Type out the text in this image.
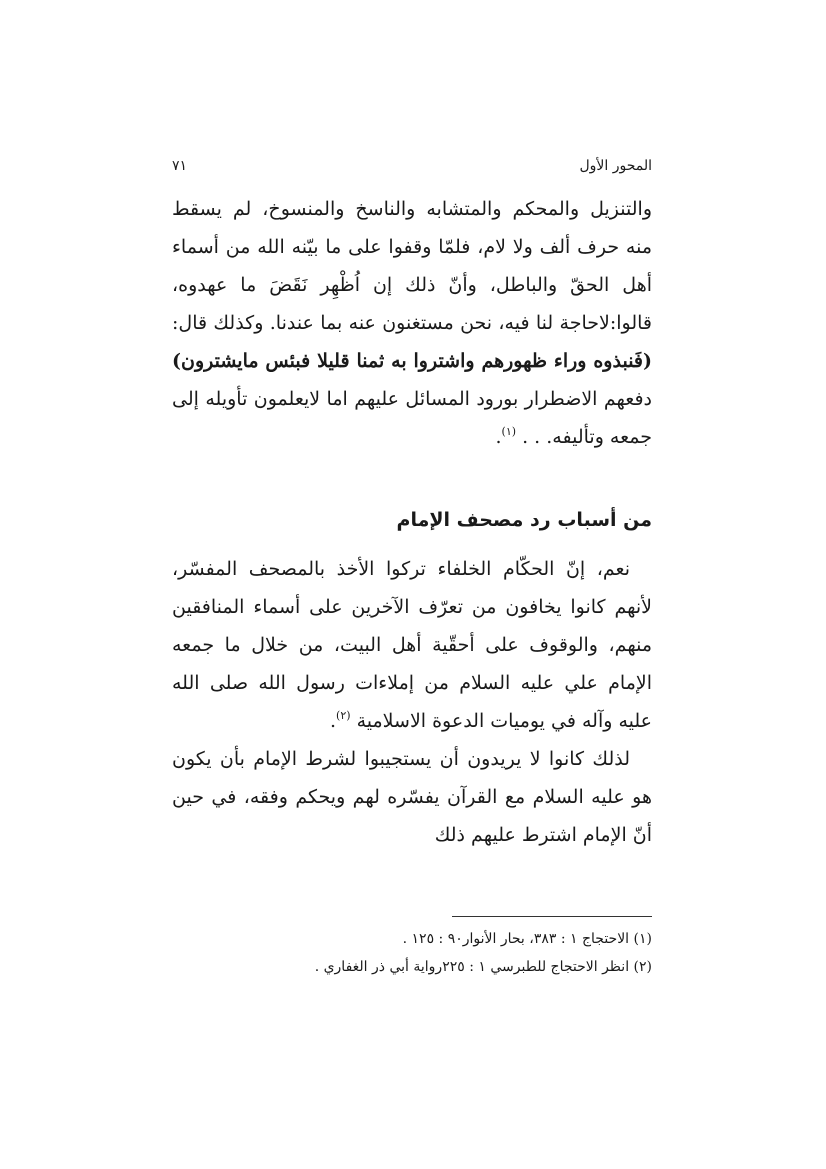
المحور الأول
٧١

والتنزيل والمحكم والمتشابه والناسخ والمنسوخ، لم يسقط منه حرف ألف ولا لام، فلمّا وقفوا على ما بيّنه الله من أسماء أهل الحقّ والباطل، وأنّ ذلك إن اُظْهِر نَقَضَ ما عهدوه، قالوا:لاحاجة لنا فيه، نحن مستغنون عنه بما عندنا. وكذلك قال: (فَنبذوه وراء ظهورهم واشتروا به ثمنا قليلا فبئس مايشترون) دفعهم الاضطرار بورود المسائل عليهم اما لايعلمون تأويله إلى جمعه وتأليفه. . . $^{(١)}$.

من أسباب رد مصحف الإمام

نعم، إنّ الحكّام الخلفاء تركوا الأخذ بالمصحف المفسّر، لأنهم كانوا يخافون من تعرّف الآخرين على أسماء المنافقين منهم، والوقوف على أحقّية أهل البيت، من خلال ما جمعه الإمام علي عليه السلام من إملاءات رسول الله صلى الله عليه وآله في يوميات الدعوة الاسلامية $^{(٢)}$.

لذلك كانوا لا يريدون أن يستجيبوا لشرط الإمام بأن يكون هو عليه السلام مع القرآن يفسّره لهم ويحكم وفقه، في حين أنّ الإمام اشترط عليهم ذلك

(١) الاحتجاج ١ : ٣٨٣، بحار الأنوار٩٠ : ١٢٥ .

(٢) انظر الاحتجاج للطبرسي ١ : ٢٢٥رواية أبي ذر الغفاري .
